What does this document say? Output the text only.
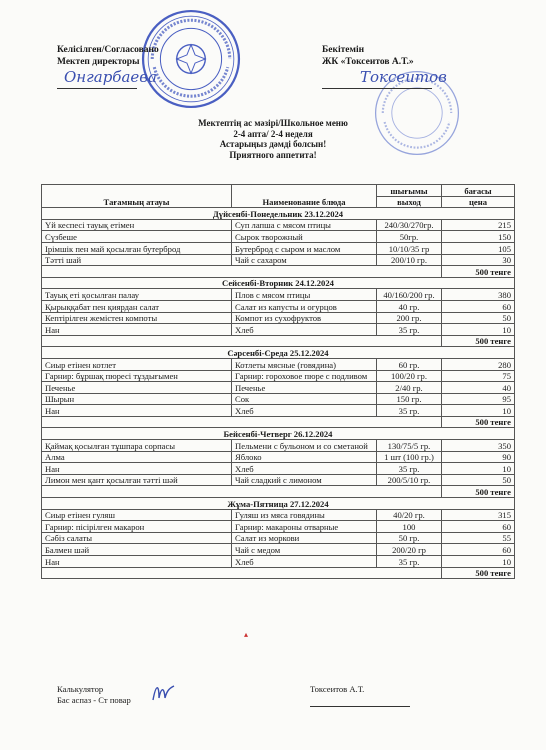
Келісілген/Согласовано
Мектеп директоры
Онгарбаева
Бекітемін
ЖК «Токсеитов А.Т.»
Токсеитов
Мектептің ас мәзірі/Школьное меню
2-4 апта/ 2-4 неделя
Астарыңыз дәмді болсын!
Приятного аппетита!
Тағамның атауы	Наименование блюда	шығымы	бағасы
		выход	цена
Дүйсенбі-Понедельник 23.12.2024			
Үй кеспесі тауық етімен	Суп лапша с мясом птицы	240/30/270гр.	215
Сүзбеше	Сырок творожный	50гр.	150
Ірімшік пен май қосылған бутерброд	Бутерброд с сыром и маслом	10/10/35 гр	105
Тәтті шай	Чай с сахаром	200/10 гр.	30
			500 тенге
Сейсенбі-Вторник 24.12.2024			
Тауық еті қосылған палау	Плов с мясом птицы	40/160/200 гр.	380
Қырыққабат пен қиярдан салат	Салат из капусты и огурцов	40 гр.	60
Кептірілген жемістен компоты	Компот из сухофруктов	200 гр.	50
Нан	Хлеб	35 гр.	10
			500 тенге
Сәрсенбі-Среда 25.12.2024			
Сиыр етінен котлет	Котлеты мясные (говядина)	60 гр.	280
Гарнир: бұршақ пюресі тұздығымен	Гарнир: гороховое пюре с подливом	100/20 гр.	75
Печенье	Печенье	2/40 гр.	40
Шырын	Сок	150 гр.	95
Нан	Хлеб	35 гр.	10
			500 тенге
Бейсенбі-Четверг 26.12.2024			
Қаймақ қосылған тұшпара сорпасы	Пельмени с бульоном и со сметаной	130/75/5 гр.	350
Алма	Яблоко	1 шт (100 гр.)	90
Нан	Хлеб	35 гр.	10
Лимон мен қант қосылған тәтті шәй	Чай сладкий с лимоном	200/5/10 гр.	50
			500 тенге
Жұма-Пятница 27.12.2024			
Сиыр етінен гуляш	Гуляш из мяса говядины	40/20 гр.	315
Гарнир: пісірілген макарон	Гарнир: макароны отварные	100	60
Сәбіз салаты	Салат из моркови	50 гр.	55
Балмен шәй	Чай с медом	200/20 гр	60
Нан	Хлеб	35 гр.	10
			500 тенге
▴
Калькулятор
Бас аспаз - Ст повар
Токсеитов А.Т.
